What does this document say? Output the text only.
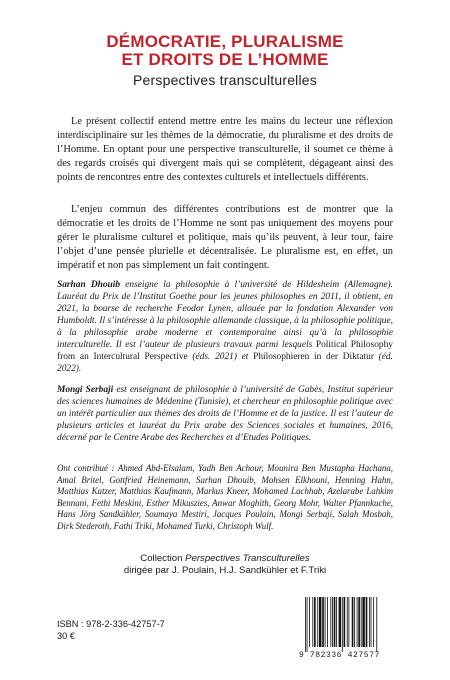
DÉMOCRATIE, PLURALISME
ET DROITS DE L’HOMME
Perspectives transculturelles

Le présent collectif entend mettre entre les mains du lecteur une réflexion interdisciplinaire sur les thèmes de la démocratie, du pluralisme et des droits de l’Homme. En optant pour une perspective transculturelle, il soumet ce thème à des regards croisés qui divergent mais qui se complètent, dégageant ainsi des points de rencontres entre des contextes culturels et intellectuels différents.

L’enjeu commun des différentes contributions est de montrer que la démocratie et les droits de l’Homme ne sont pas uniquement des moyens pour gérer le pluralisme culturel et politique, mais qu’ils peuvent, à leur tour, faire l’objet d’une pensée plurielle et décentralisée. Le pluralisme est, en effet, un impératif et non pas simplement un fait contingent.

Sarhan Dhouib enseigne la philosophie à l’université de Hildesheim (Allemagne). Lauréat du Prix de l’Institut Goethe pour les jeunes philosophes en 2011, il obtient, en 2021, la bourse de recherche Feodor Lynen, allouée par la fondation Alexander von Humboldt. Il s’intéresse à la philosophie allemande classique, à la philosophie politique, à la philosophie arabe moderne et contemporaine ainsi qu’à la philosophie interculturelle. Il est l’auteur de plusieurs travaux parmi lesquels Political Philosophy from an Intercultural Perspective (éds. 2021) et Philosophieren in der Diktatur (éd. 2022).

Mongi Serbaji est enseignant de philosophie à l’université de Gabès, Institut supérieur des sciences humaines de Médenine (Tunisie), et chercheur en philosophie politique avec un intérêt particulier aux thèmes des droits de l’Homme et de la justice. Il est l’auteur de plusieurs articles et lauréat du Prix arabe des Sciences sociales et humaines, 2016, décerné par le Centre Arabe des Recherches et d’Etudes Politiques.

Ont contribué : Ahmed Abd-Elsalam, Yadh Ben Achour, Mounira Ben Mustapha Hachana, Amal Britel, Gottfried Heinemann, Sarhan Dhouib, Mohsen Elkhouni, Henning Hahn, Matthias Katzer, Matthias Kaufmann, Markus Kneer, Mohamed Lachhab, Azelarabe Lahkim Bennani, Fethi Meskini, Esther Mikuszies, Anwar Moghith, Georg Mohr, Walter Pfannkuche, Hans Jörg Sandkühler, Soumaya Mestiri, Jacques Poulain, Mongi Serbaji, Salah Mosbah, Dirk Stederoth, Fathi Triki, Mohamed Turki, Christoph Wulf.

Collection Perspectives Transculturelles
dirigée par J. Poulain, H.J. Sandkühler et F.Triki
ISBN : 978-2-336-42757-7
30 €
9 782336 427577
